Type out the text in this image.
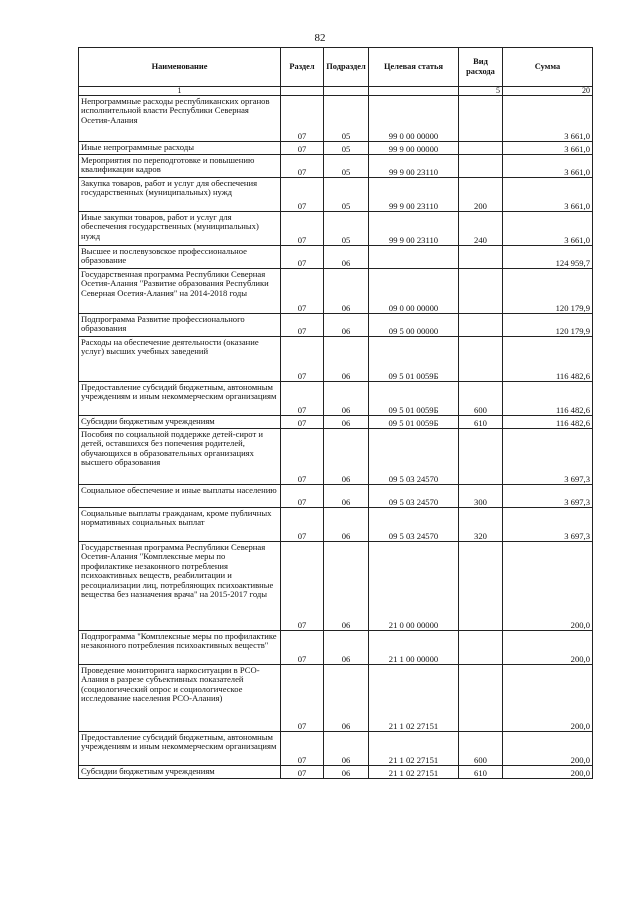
82
Наименование	Раздел	Подраздел	Целевая статья	Вид расхода	Сумма
1				5	20
Непрограммные расходы республиканских органов исполнительной власти Республики Северная Осетия-Алания	07	05	99 0 00 00000		3 661,0
Иные непрограммные расходы	07	05	99 9 00 00000		3 661,0
Мероприятия по переподготовке и повышению квалификации кадров	07	05	99 9 00 23110		3 661,0
Закупка товаров, работ и услуг для обеспечения государственных (муниципальных) нужд	07	05	99 9 00 23110	200	3 661,0
Иные закупки товаров, работ и услуг для обеспечения государственных (муниципальных) нужд	07	05	99 9 00 23110	240	3 661,0
Высшее и послевузовское профессиональное образование	07	06			124 959,7
Государственная программа Республики Северная Осетия-Алания "Развитие образования Республики Северная Осетия-Алания" на 2014-2018 годы	07	06	09 0 00 00000		120 179,9
Подпрограмма Развитие профессионального образования	07	06	09 5 00 00000		120 179,9
Расходы на обеспечение деятельности (оказание услуг) высших учебных заведений	07	06	09 5 01 0059Б		116 482,6
Предоставление субсидий бюджетным, автономным учреждениям и иным некоммерческим организациям	07	06	09 5 01 0059Б	600	116 482,6
Субсидии бюджетным учреждениям	07	06	09 5 01 0059Б	610	116 482,6
Пособия по социальной поддержке детей-сирот и детей, оставшихся без попечения родителей, обучающихся в образовательных организациях высшего образования	07	06	09 5 03 24570		3 697,3
Социальное обеспечение и иные выплаты населению	07	06	09 5 03 24570	300	3 697,3
Социальные выплаты гражданам, кроме публичных нормативных социальных выплат	07	06	09 5 03 24570	320	3 697,3
Государственная программа Республики Северная Осетия-Алания "Комплексные меры по профилактике незаконного потребления психоактивных веществ, реабилитации и ресоциализации лиц, потребляющих психоактивные вещества без назначения врача" на 2015-2017 годы	07	06	21 0 00 00000		200,0
Подпрограмма "Комплексные меры по профилактике незаконного потребления психоактивных веществ"	07	06	21 1 00 00000		200,0
Проведение мониторинга наркоситуации в РСО-Алания в разрезе субъективных показателей (социологический опрос и социологическое исследование населения РСО-Алания)	07	06	21 1 02 27151		200,0
Предоставление субсидий бюджетным, автономным учреждениям и иным некоммерческим организациям	07	06	21 1 02 27151	600	200,0
Субсидии бюджетным учреждениям	07	06	21 1 02 27151	610	200,0
